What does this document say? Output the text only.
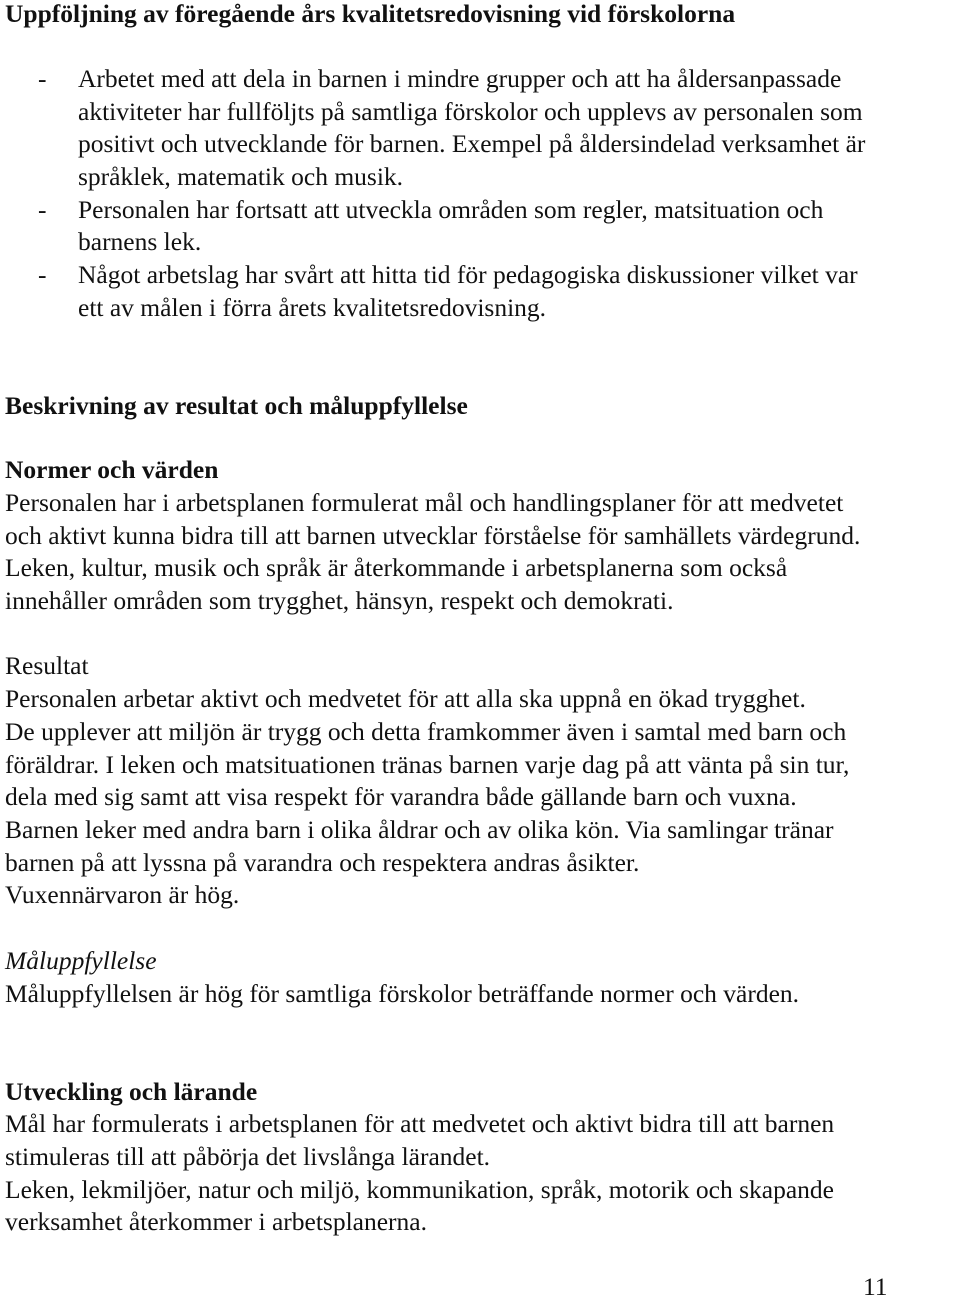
Uppföljning av föregående års kvalitetsredovisning vid förskolorna
- Arbetet med att dela in barnen i mindre grupper och att ha åldersanpassade
aktiviteter har fullföljts på samtliga förskolor och upplevs av personalen som
positivt och utvecklande för barnen. Exempel på åldersindelad verksamhet är
språklek, matematik och musik.
- Personalen har fortsatt att utveckla områden som regler, matsituation och
barnens lek.
- Något arbetslag har svårt att hitta tid för pedagogiska diskussioner vilket var
ett av målen i förra årets kvalitetsredovisning.
Beskrivning av resultat och måluppfyllelse
Normer och värden
Personalen har i arbetsplanen formulerat mål och handlingsplaner för att medvetet
och aktivt kunna bidra till att barnen utvecklar förståelse för samhällets värdegrund.
Leken, kultur, musik och språk är återkommande i arbetsplanerna som också
innehåller områden som trygghet, hänsyn, respekt och demokrati.
Resultat
Personalen arbetar aktivt och medvetet för att alla ska uppnå en ökad trygghet.
De upplever att miljön är trygg och detta framkommer även i samtal med barn och
föräldrar. I leken och matsituationen tränas barnen varje dag på att vänta på sin tur,
dela med sig samt att visa respekt för varandra både gällande barn och vuxna.
Barnen leker med andra barn i olika åldrar och av olika kön. Via samlingar tränar
barnen på att lyssna på varandra och respektera andras åsikter.
Vuxennärvaron är hög.
Måluppfyllelse
Måluppfyllelsen är hög för samtliga förskolor beträffande normer och värden.
Utveckling och lärande
Mål har formulerats i arbetsplanen för att medvetet och aktivt bidra till att barnen
stimuleras till att påbörja det livslånga lärandet.
Leken, lekmiljöer, natur och miljö, kommunikation, språk, motorik och skapande
verksamhet återkommer i arbetsplanerna.
11
